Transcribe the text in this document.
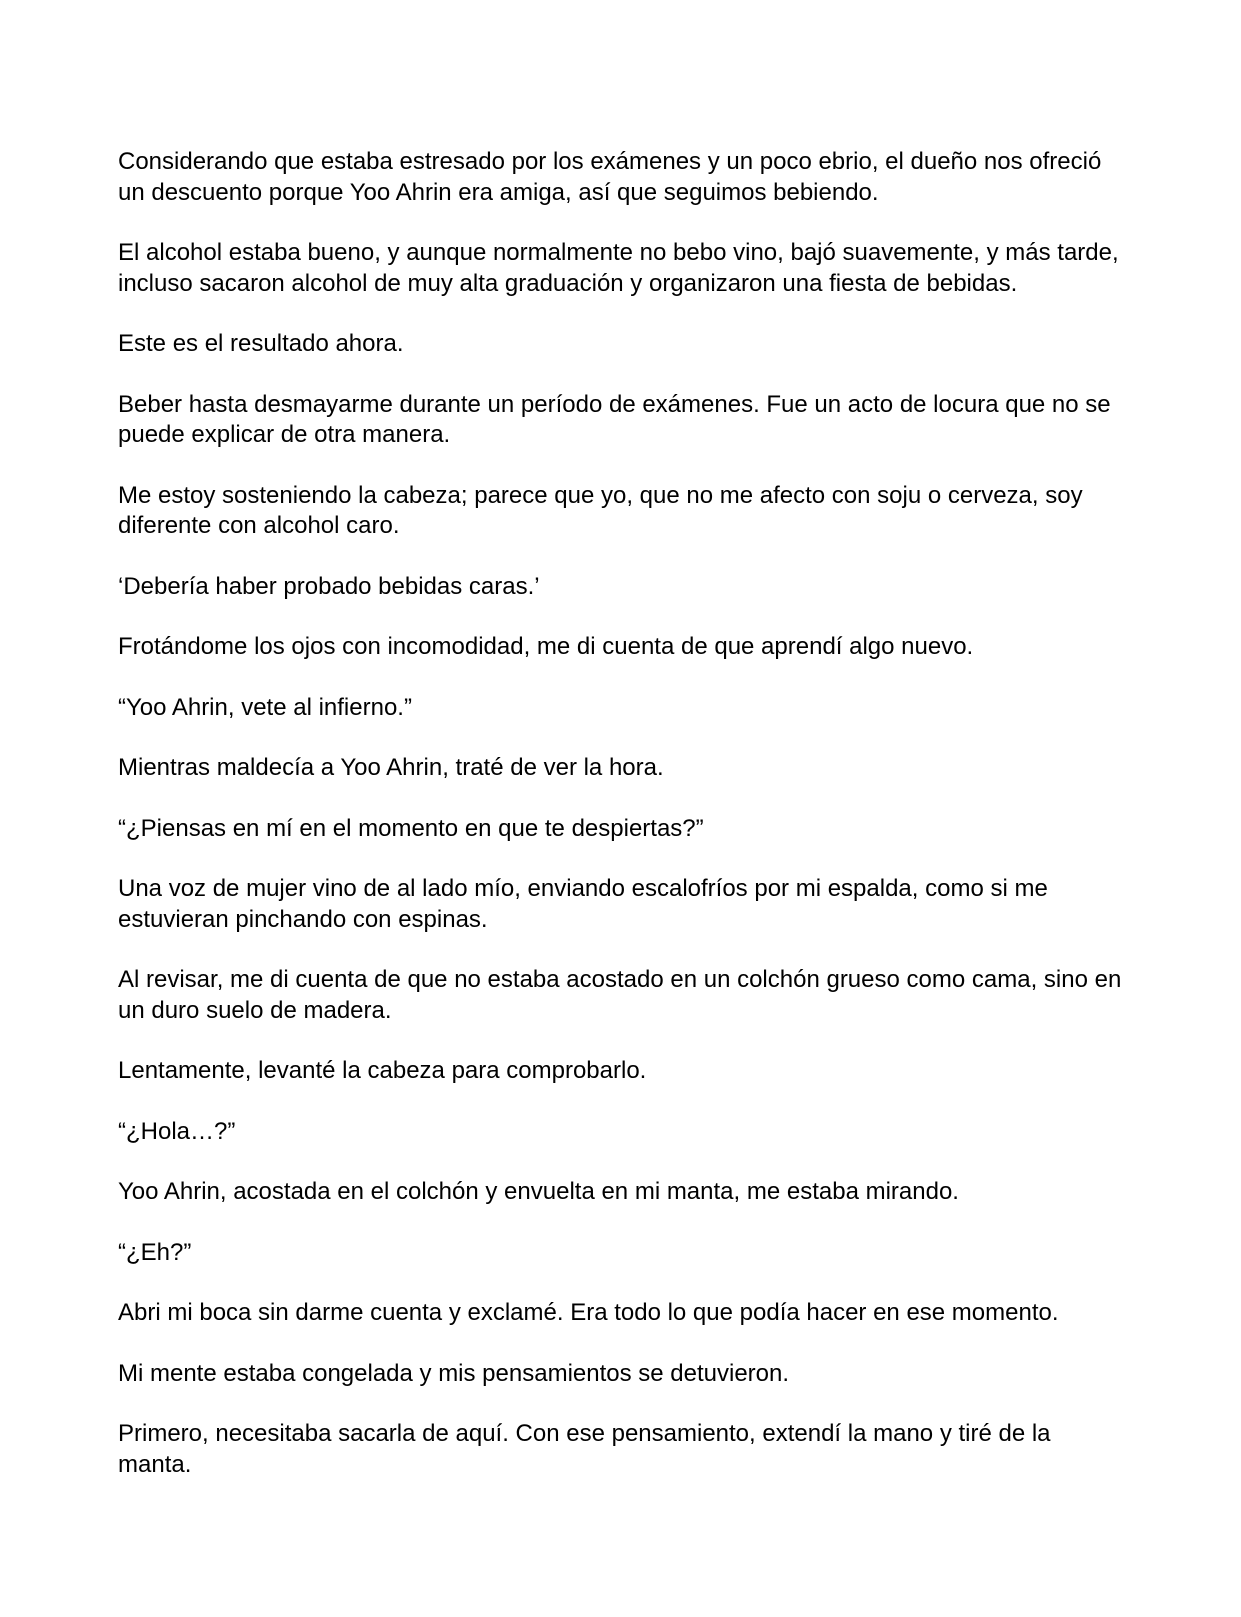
Considerando que estaba estresado por los exámenes y un poco ebrio, el dueño nos ofreció un descuento porque Yoo Ahrin era amiga, así que seguimos bebiendo.

El alcohol estaba bueno, y aunque normalmente no bebo vino, bajó suavemente, y más tarde, incluso sacaron alcohol de muy alta graduación y organizaron una fiesta de bebidas.

Este es el resultado ahora.

Beber hasta desmayarme durante un período de exámenes. Fue un acto de locura que no se puede explicar de otra manera.

Me estoy sosteniendo la cabeza; parece que yo, que no me afecto con soju o cerveza, soy diferente con alcohol caro.

‘Debería haber probado bebidas caras.’

Frotándome los ojos con incomodidad, me di cuenta de que aprendí algo nuevo.

“Yoo Ahrin, vete al infierno.”

Mientras maldecía a Yoo Ahrin, traté de ver la hora.

“¿Piensas en mí en el momento en que te despiertas?”

Una voz de mujer vino de al lado mío, enviando escalofríos por mi espalda, como si me estuvieran pinchando con espinas.

Al revisar, me di cuenta de que no estaba acostado en un colchón grueso como cama, sino en un duro suelo de madera.

Lentamente, levanté la cabeza para comprobarlo.

“¿Hola…?”

Yoo Ahrin, acostada en el colchón y envuelta en mi manta, me estaba mirando.

“¿Eh?”

Abri mi boca sin darme cuenta y exclamé. Era todo lo que podía hacer en ese momento.

Mi mente estaba congelada y mis pensamientos se detuvieron.

Primero, necesitaba sacarla de aquí. Con ese pensamiento, extendí la mano y tiré de la manta.
